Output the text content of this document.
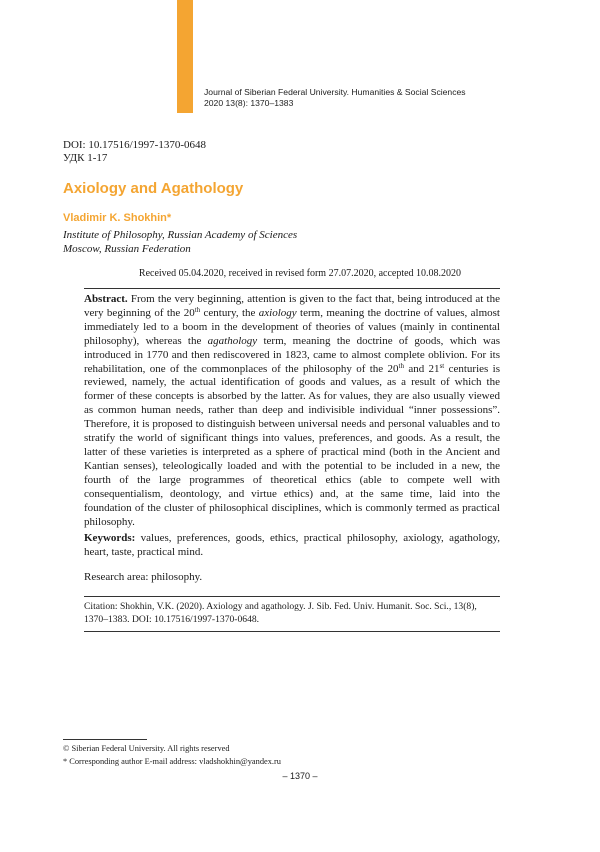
Journal of Siberian Federal University. Humanities & Social Sciences
2020 13(8): 1370–1383
DOI: 10.17516/1997-1370-0648
УДК 1-17
Axiology and Agathology
Vladimir K. Shokhin*
Institute of Philosophy, Russian Academy of Sciences
Moscow, Russian Federation
Received 05.04.2020, received in revised form 27.07.2020, accepted 10.08.2020
Abstract. From the very beginning, attention is given to the fact that, being introduced at the very beginning of the 20th century, the axiology term, meaning the doctrine of values, almost immediately led to a boom in the development of theories of values (mainly in continental philosophy), whereas the agathology term, meaning the doctrine of goods, which was introduced in 1770 and then rediscovered in 1823, came to almost complete oblivion. For its rehabilitation, one of the commonplaces of the philosophy of the 20th and 21st centuries is reviewed, namely, the actual identification of goods and values, as a result of which the former of these concepts is absorbed by the latter. As for values, they are also usually viewed as common human needs, rather than deep and indivisible individual “inner possessions”. Therefore, it is proposed to distinguish between universal needs and personal valuables and to stratify the world of significant things into values, preferences, and goods. As a result, the latter of these varieties is interpreted as a sphere of practical mind (both in the Ancient and Kantian senses), teleologically loaded and with the potential to be included in a new, the fourth of the large programmes of theoretical ethics (able to compete well with consequentialism, deontology, and virtue ethics) and, at the same time, laid into the foundation of the cluster of philosophical disciplines, which is commonly termed as practical philosophy.
Keywords: values, preferences, goods, ethics, practical philosophy, axiology, agathology, heart, taste, practical mind.
Research area: philosophy.
Citation: Shokhin, V.K. (2020). Axiology and agathology. J. Sib. Fed. Univ. Humanit. Soc. Sci., 13(8), 1370–1383. DOI: 10.17516/1997-1370-0648.
© Siberian Federal University. All rights reserved
* Corresponding author E-mail address: vladshokhin@yandex.ru
– 1370 –
